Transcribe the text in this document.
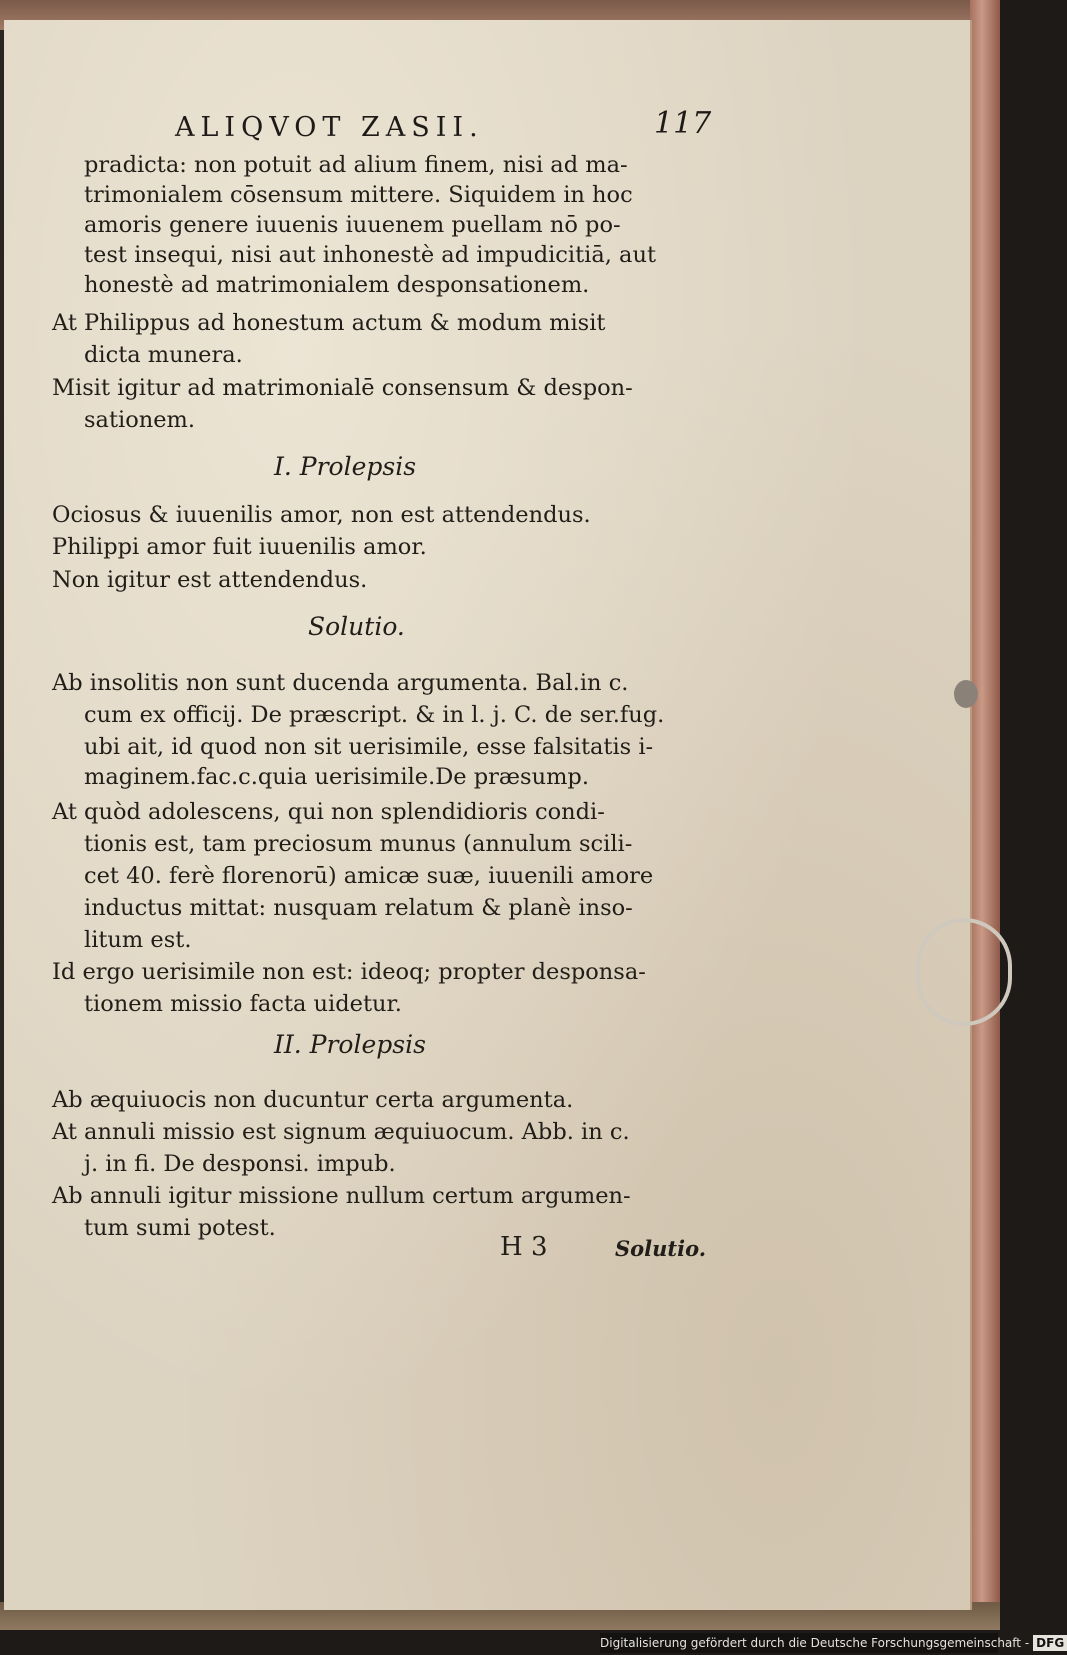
ALIQVOT ZASII.	117
pradicta: non potuit ad alium finem, nisi ad ma-
trimonialem cōsensum mittere. Siquidem in hoc
amoris genere iuuenis iuuenem puellam nō po-
test insequi, nisi aut inhonestè ad impudicitiā, aut
honestè ad matrimonialem desponsationem.
At Philippus ad honestum actum & modum misit
dicta munera.
Misit igitur ad matrimonialē consensum & despon-
sationem.
I. Prolepsis
Ociosus & iuuenilis amor, non est attendendus.
Philippi amor fuit iuuenilis amor.
Non igitur est attendendus.
Solutio.
Ab insolitis non sunt ducenda argumenta. Bal.in c.
cum ex officij. De præscript. & in l. j. C. de ser.fug.
ubi ait, id quod non sit uerisimile, esse falsitatis i-
maginem.fac.c.quia uerisimile.De præsump.
At quòd adolescens, qui non splendidioris condi-
tionis est, tam preciosum munus (annulum scili-
cet 40. ferè florenorū) amicæ suæ, iuuenili amore
inductus mittat: nusquam relatum & planè inso-
litum est.
Id ergo uerisimile non est: ideoq; propter desponsa-
tionem missio facta uidetur.
II. Prolepsis
Ab æquiuocis non ducuntur certa argumenta.
At annuli missio est signum æquiuocum. Abb. in c.
j. in fi. De desponsi. impub.
Ab annuli igitur missione nullum certum argumen-
tum sumi potest.
H 3	Solutio.
Digitalisierung gefördert durch die Deutsche Forschungsgemeinschaft - DFG
